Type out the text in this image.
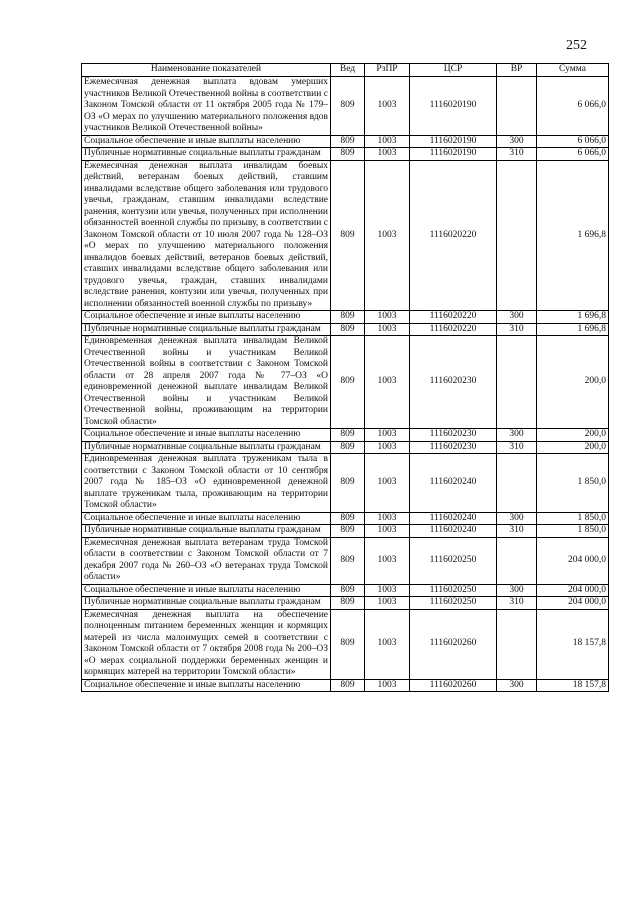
252
Наименование показателей	Вед	РзПР	ЦСР	ВР	Сумма
Ежемесячная денежная выплата вдовам умерших участников Великой Отечественной войны в соответствии с Законом Томской области от 11 октября 2005 года № 179–ОЗ «О мерах по улучшению материального положения вдов участников Великой Отечественной войны»	809	1003	1116020190		6 066,0
Социальное обеспечение и иные выплаты населению	809	1003	1116020190	300	6 066,0
Публичные нормативные социальные выплаты гражданам	809	1003	1116020190	310	6 066,0
Ежемесячная денежная выплата инвалидам боевых действий, ветеранам боевых действий, ставшим инвалидами вследствие общего заболевания или трудового увечья, гражданам, ставшим инвалидами вследствие ранения, контузии или увечья, полученных при исполнении обязанностей военной службы по призыву, в соответствии с Законом Томской области от 10 июля 2007 года № 128–ОЗ «О мерах по улучшению материального положения инвалидов боевых действий, ветеранов боевых действий, ставших инвалидами вследствие общего заболевания или трудового увечья, граждан, ставших инвалидами вследствие ранения, контузии или увечья, полученных при исполнении обязанностей военной службы по призыву»	809	1003	1116020220		1 696,8
Социальное обеспечение и иные выплаты населению	809	1003	1116020220	300	1 696,8
Публичные нормативные социальные выплаты гражданам	809	1003	1116020220	310	1 696,8
Единовременная денежная выплата инвалидам Великой Отечественной войны и участникам Великой Отечественной войны в соответствии с Законом Томской области от 28 апреля 2007 года № 77–ОЗ «О единовременной денежной выплате инвалидам Великой Отечественной войны и участникам Великой Отечественной войны, проживающим на территории Томской области»	809	1003	1116020230		200,0
Социальное обеспечение и иные выплаты населению	809	1003	1116020230	300	200,0
Публичные нормативные социальные выплаты гражданам	809	1003	1116020230	310	200,0
Единовременная денежная выплата труженикам тыла в соответствии с Законом Томской области от 10 сентября 2007 года № 185–ОЗ «О единовременной денежной выплате труженикам тыла, проживающим на территории Томской области»	809	1003	1116020240		1 850,0
Социальное обеспечение и иные выплаты населению	809	1003	1116020240	300	1 850,0
Публичные нормативные социальные выплаты гражданам	809	1003	1116020240	310	1 850,0
Ежемесячная денежная выплата ветеранам труда Томской области в соответствии с Законом Томской области от 7 декабря 2007 года № 260–ОЗ «О ветеранах труда Томской области»	809	1003	1116020250		204 000,0
Социальное обеспечение и иные выплаты населению	809	1003	1116020250	300	204 000,0
Публичные нормативные социальные выплаты гражданам	809	1003	1116020250	310	204 000,0
Ежемесячная денежная выплата на обеспечение полноценным питанием беременных женщин и кормящих матерей из числа малоимущих семей в соответствии с Законом Томской области от 7 октября 2008 года № 200–ОЗ «О мерах социальной поддержки беременных женщин и кормящих матерей на территории Томской области»	809	1003	1116020260		18 157,8
Социальное обеспечение и иные выплаты населению	809	1003	1116020260	300	18 157,8
